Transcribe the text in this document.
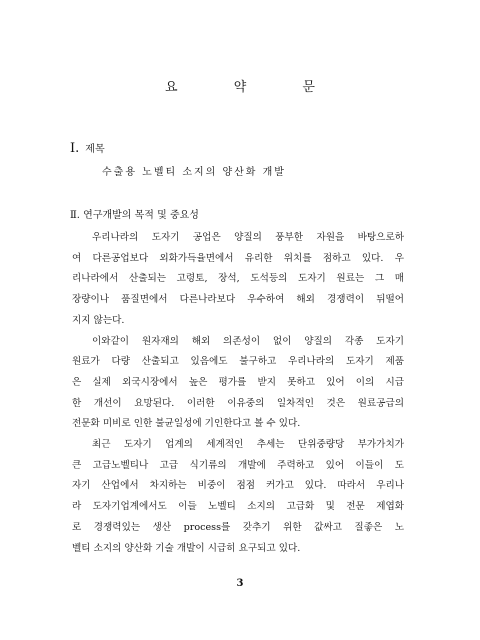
요 약 문
Ⅰ. 제목
수출용 노벨티 소지의 양산화 개발
Ⅱ. 연구개발의 목적 및 중요성
우리나라의 도자기 공업은 양질의 풍부한 자원을 바탕으로하
여 다른공업보다 외화가득율면에서 유리한 위치를 점하고 있다. 우
리나라에서 산출되는 고령토, 장석, 도석등의 도자기 원료는 그 매
장량이나 품질면에서 다른나라보다 우수하여 해외 경쟁력이 뒤떨어
지지 않는다.
이와같이 원자재의 해외 의존성이 없이 양질의 각종 도자기
원료가 다량 산출되고 있음에도 불구하고 우리나라의 도자기 제품
은 실제 외국시장에서 높은 평가를 받지 못하고 있어 이의 시급
한 개선이 요망된다. 이러한 이유중의 일차적인 것은 원료공급의
전문화 미비로 인한 불균일성에 기인한다고 볼 수 있다.
최근 도자기 업계의 세계적인 추세는 단위중량당 부가가치가
큰 고급노벨티나 고급 식기류의 개발에 주력하고 있어 이들이 도
자기 산업에서 차지하는 비중이 점점 커가고 있다. 따라서 우리나
라 도자기업계에서도 이들 노벨티 소지의 고급화 및 전문 제엽화
로 경쟁력있는 생산 process를 갖추기 위한 값싸고 질좋은 노
벨티 소지의 양산화 기술 개발이 시급히 요구되고 있다.
3
